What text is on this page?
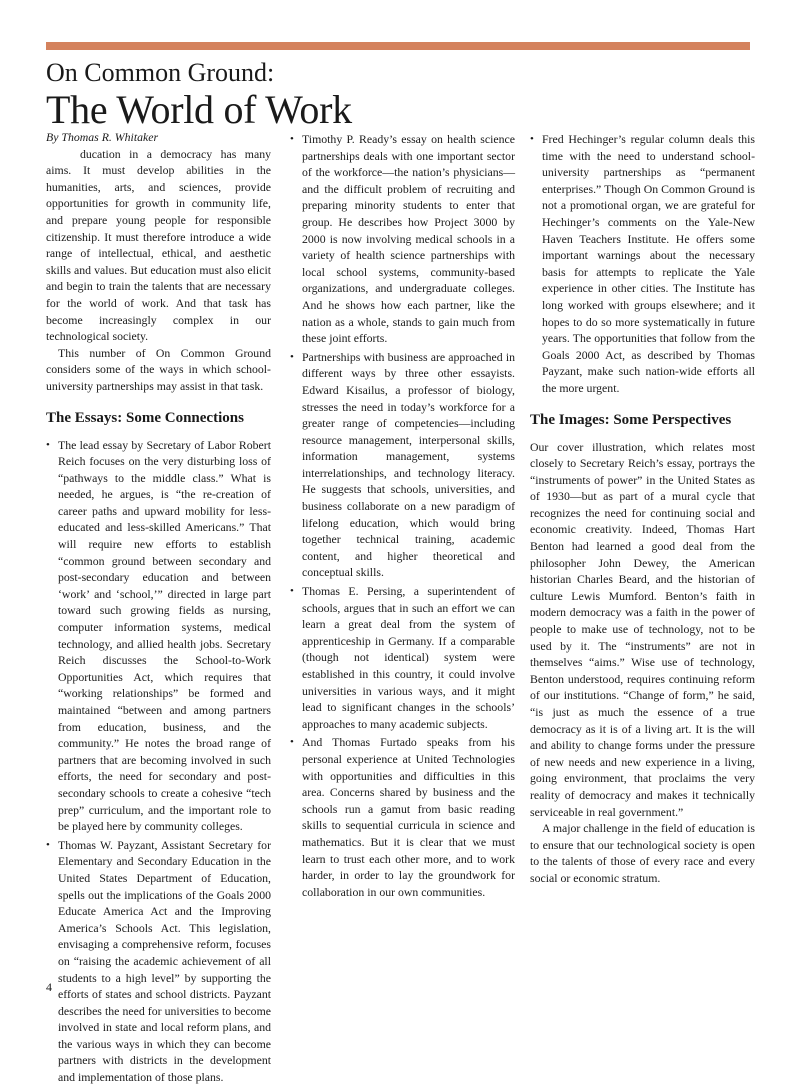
On Common Ground:
The World of Work

By Thomas R. Whitaker

ducation in a democracy has many aims. It must develop abilities in the humanities, arts, and sciences, provide opportunities for growth in community life, and prepare young people for responsible citizenship. It must therefore introduce a wide range of intellectual, ethical, and aesthetic skills and values. But education must also elicit and begin to train the talents that are necessary for the world of work. And that task has become increasingly complex in our technological society.

This number of On Common Ground considers some of the ways in which school-university partnerships may assist in that task.

The Essays: Some Connections
• The lead essay by Secretary of Labor Robert Reich focuses on the very disturbing loss of “pathways to the middle class.” What is needed, he argues, is “the re-creation of career paths and upward mobility for less-educated and less-skilled Americans.” That will require new efforts to establish “common ground between secondary and post-secondary education and between ‘work’ and ‘school,’” directed in large part toward such growing fields as nursing, computer information systems, medical technology, and allied health jobs. Secretary Reich discusses the School-to-Work Opportunities Act, which requires that “working relationships” be formed and maintained “between and among partners from education, business, and the community.” He notes the broad range of partners that are becoming involved in such efforts, the need for secondary and post-secondary schools to create a cohesive “tech prep” curriculum, and the important role to be played here by community colleges.

• Thomas W. Payzant, Assistant Secretary for Elementary and Secondary Education in the United States Department of Education, spells out the implications of the Goals 2000 Educate America Act and the Improving America’s Schools Act. This legislation, envisaging a comprehensive reform, focuses on “raising the academic achievement of all students to a high level” by supporting the efforts of states and school districts. Payzant describes the need for universities to become involved in state and local reform plans, and the various ways in which they can become partners with districts in the development and implementation of those plans.

• Timothy P. Ready’s essay on health science partnerships deals with one important sector of the workforce—the nation’s physicians—and the difficult problem of recruiting and preparing minority students to enter that group. He describes how Project 3000 by 2000 is now involving medical schools in a variety of health science partnerships with local school systems, community-based organizations, and undergraduate colleges. And he shows how each partner, like the nation as a whole, stands to gain much from these joint efforts.

• Partnerships with business are approached in different ways by three other essayists. Edward Kisailus, a professor of biology, stresses the need in today’s workforce for a greater range of competencies—including resource management, interpersonal skills, information management, systems interrelationships, and technology literacy. He suggests that schools, universities, and business collaborate on a new paradigm of lifelong education, which would bring together technical training, academic content, and higher theoretical and conceptual skills.

• Thomas E. Persing, a superintendent of schools, argues that in such an effort we can learn a great deal from the system of apprenticeship in Germany. If a comparable (though not identical) system were established in this country, it could involve universities in various ways, and it might lead to significant changes in the schools’ approaches to many academic subjects.

• And Thomas Furtado speaks from his personal experience at United Technologies with opportunities and difficulties in this area. Concerns shared by business and the schools run a gamut from basic reading skills to sequential curricula in science and mathematics. But it is clear that we must learn to trust each other more, and to work harder, in order to lay the groundwork for collaboration in our own communities.

• Fred Hechinger’s regular column deals this time with the need to understand school-university partnerships as “permanent enterprises.” Though On Common Ground is not a promotional organ, we are grateful for Hechinger’s comments on the Yale-New Haven Teachers Institute. He offers some important warnings about the necessary basis for attempts to replicate the Yale experience in other cities. The Institute has long worked with groups elsewhere; and it hopes to do so more systematically in future years. The opportunities that follow from the Goals 2000 Act, as described by Thomas Payzant, make such nation-wide efforts all the more urgent.

The Images: Some Perspectives

Our cover illustration, which relates most closely to Secretary Reich’s essay, portrays the “instruments of power” in the United States as of 1930—but as part of a mural cycle that recognizes the need for continuing social and economic creativity. Indeed, Thomas Hart Benton had learned a good deal from the philosopher John Dewey, the American historian Charles Beard, and the historian of culture Lewis Mumford. Benton’s faith in modern democracy was a faith in the power of people to make use of technology, not to be used by it. The “instruments” are not in themselves “aims.” Wise use of technology, Benton understood, requires continuing reform of our institutions. “Change of form,” he said, “is just as much the essence of a true democracy as it is of a living art. It is the will and ability to change forms under the pressure of new needs and new experience in a living, going environment, that proclaims the very reality of democracy and makes it technically serviceable in real government.”

A major challenge in the field of education is to ensure that our technological society is open to the talents of those of every race and every social or economic stratum.

4
